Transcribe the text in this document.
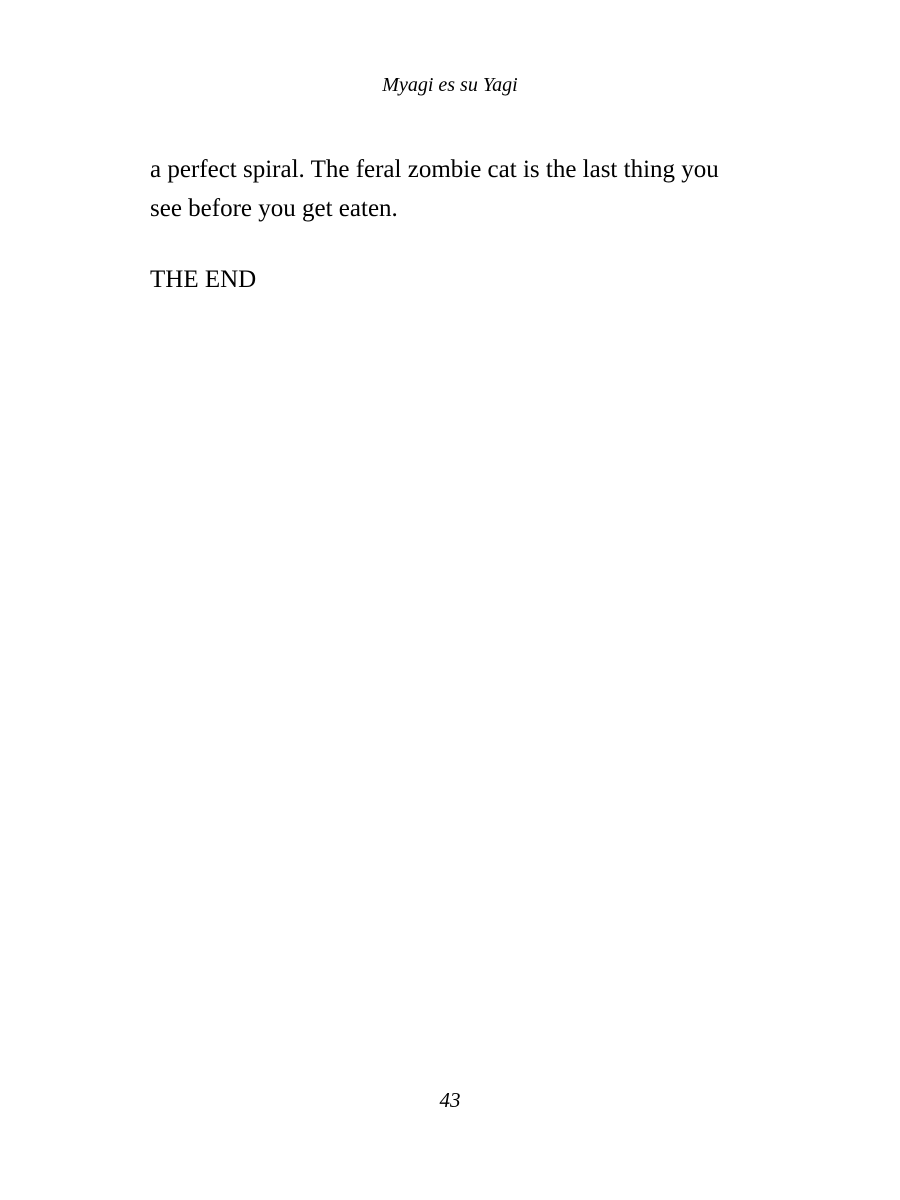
Myagi es su Yagi

a perfect spiral. The feral zombie cat is the last thing you
see before you get eaten.

THE END

43
